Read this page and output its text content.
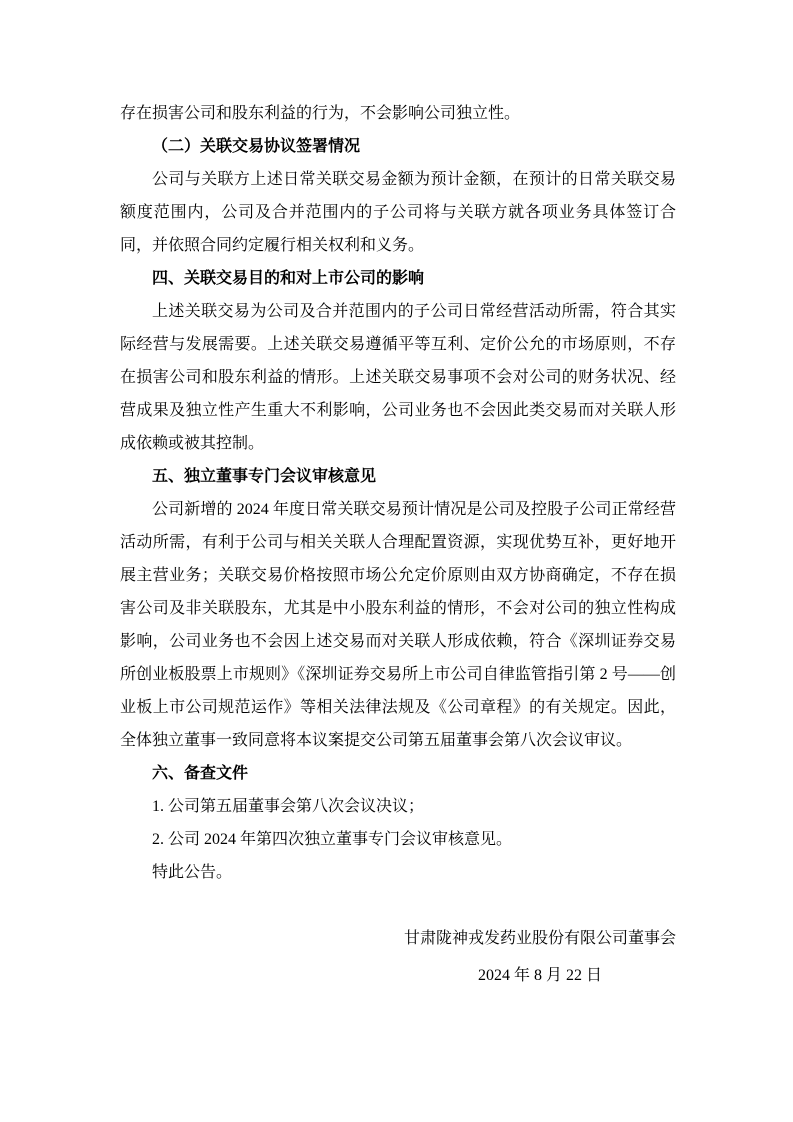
存在损害公司和股东利益的行为，不会影响公司独立性。

（二）关联交易协议签署情况

公司与关联方上述日常关联交易金额为预计金额，在预计的日常关联交易额度范围内，公司及合并范围内的子公司将与关联方就各项业务具体签订合同，并依照合同约定履行相关权利和义务。

四、关联交易目的和对上市公司的影响

上述关联交易为公司及合并范围内的子公司日常经营活动所需，符合其实际经营与发展需要。上述关联交易遵循平等互利、定价公允的市场原则，不存在损害公司和股东利益的情形。上述关联交易事项不会对公司的财务状况、经营成果及独立性产生重大不利影响，公司业务也不会因此类交易而对关联人形成依赖或被其控制。

五、独立董事专门会议审核意见

公司新增的 2024 年度日常关联交易预计情况是公司及控股子公司正常经营活动所需，有利于公司与相关关联人合理配置资源，实现优势互补，更好地开展主营业务；关联交易价格按照市场公允定价原则由双方协商确定，不存在损害公司及非关联股东，尤其是中小股东利益的情形，不会对公司的独立性构成影响，公司业务也不会因上述交易而对关联人形成依赖，符合《深圳证券交易所创业板股票上市规则》《深圳证券交易所上市公司自律监管指引第 2 号——创业板上市公司规范运作》等相关法律法规及《公司章程》的有关规定。因此，全体独立董事一致同意将本议案提交公司第五届董事会第八次会议审议。

六、备查文件

1. 公司第五届董事会第八次会议决议；

2. 公司 2024 年第四次独立董事专门会议审核意见。

特此公告。

甘肃陇神戎发药业股份有限公司董事会

2024 年 8 月 22 日
